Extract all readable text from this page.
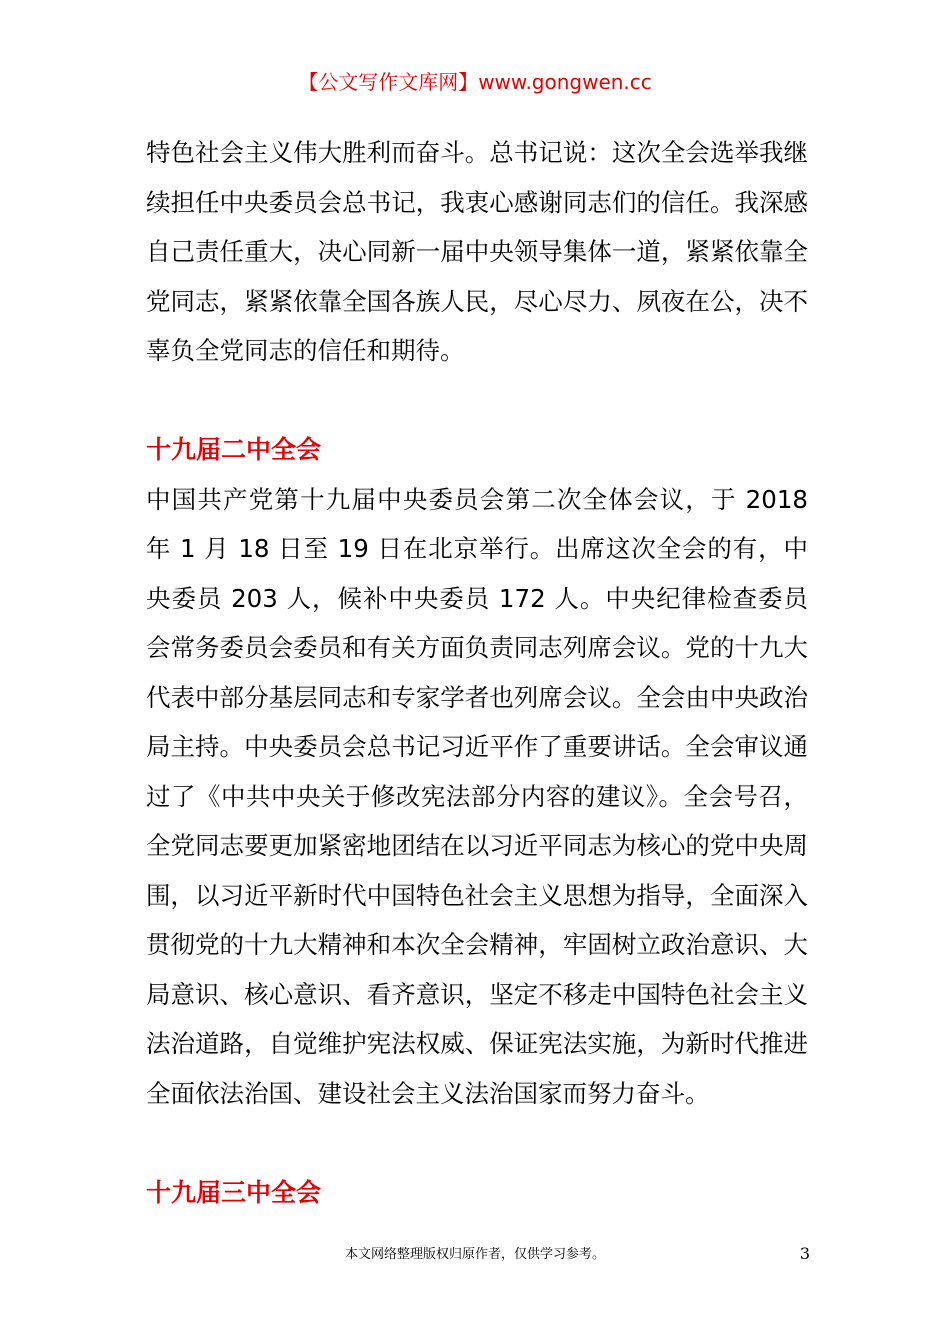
【公文写作文库网】www.gongwen.cc

特色社会主义伟大胜利而奋斗。总书记说：这次全会选举我继续担任中央委员会总书记，我衷心感谢同志们的信任。我深感自己责任重大，决心同新一届中央领导集体一道，紧紧依靠全党同志，紧紧依靠全国各族人民，尽心尽力、夙夜在公，决不辜负全党同志的信任和期待。

十九届二中全会

中国共产党第十九届中央委员会第二次全体会议，于 2018 年 1 月 18 日至 19 日在北京举行。出席这次全会的有，中央委员 203 人，候补中央委员 172 人。中央纪律检查委员会常务委员会委员和有关方面负责同志列席会议。党的十九大代表中部分基层同志和专家学者也列席会议。全会由中央政治局主持。中央委员会总书记习近平作了重要讲话。全会审议通过了《中共中央关于修改宪法部分内容的建议》。全会号召，全党同志要更加紧密地团结在以习近平同志为核心的党中央周围，以习近平新时代中国特色社会主义思想为指导，全面深入贯彻党的十九大精神和本次全会精神，牢固树立政治意识、大局意识、核心意识、看齐意识，坚定不移走中国特色社会主义法治道路，自觉维护宪法权威、保证宪法实施，为新时代推进全面依法治国、建设社会主义法治国家而努力奋斗。

十九届三中全会
本文网络整理版权归原作者，仅供学习参考。	3
